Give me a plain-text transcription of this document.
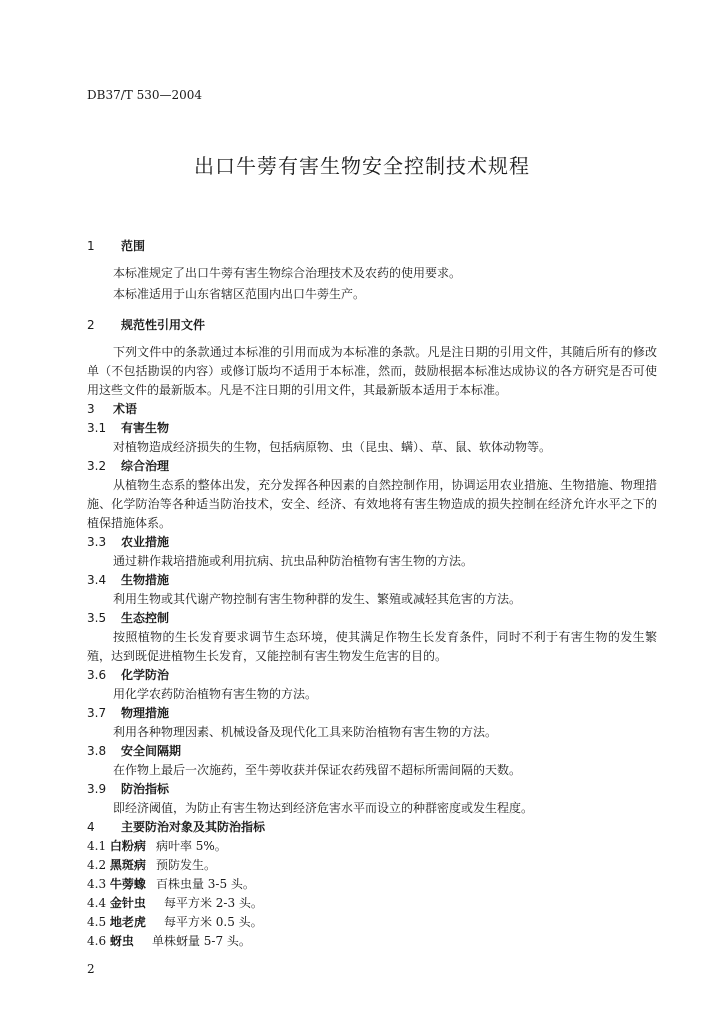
DB37/T 530—2004
出口牛蒡有害生物安全控制技术规程
1 范围
本标准规定了出口牛蒡有害生物综合治理技术及农药的使用要求。
本标准适用于山东省辖区范围内出口牛蒡生产。
2 规范性引用文件
下列文件中的条款通过本标准的引用而成为本标准的条款。凡是注日期的引用文件，其随后所有的修改单（不包括勘误的内容）或修订版均不适用于本标准，然而，鼓励根据本标准达成协议的各方研究是否可使用这些文件的最新版本。凡是不注日期的引用文件，其最新版本适用于本标准。
3 术语
3.1 有害生物
对植物造成经济损失的生物，包括病原物、虫（昆虫、螨）、草、鼠、软体动物等。
3.2 综合治理
从植物生态系的整体出发，充分发挥各种因素的自然控制作用，协调运用农业措施、生物措施、物理措施、化学防治等各种适当防治技术，安全、经济、有效地将有害生物造成的损失控制在经济允许水平之下的植保措施体系。
3.3 农业措施
通过耕作栽培措施或利用抗病、抗虫品种防治植物有害生物的方法。
3.4 生物措施
利用生物或其代谢产物控制有害生物种群的发生、繁殖或减轻其危害的方法。
3.5 生态控制
按照植物的生长发育要求调节生态环境，使其满足作物生长发育条件，同时不利于有害生物的发生繁殖，达到既促进植物生长发育，又能控制有害生物发生危害的目的。
3.6 化学防治
用化学农药防治植物有害生物的方法。
3.7 物理措施
利用各种物理因素、机械设备及现代化工具来防治植物有害生物的方法。
3.8 安全间隔期
在作物上最后一次施药，至牛蒡收获并保证农药残留不超标所需间隔的天数。
3.9 防治指标
即经济阈值，为防止有害生物达到经济危害水平而设立的种群密度或发生程度。
4 主要防治对象及其防治指标
4.1 白粉病 病叶率 5%。
4.2 黑斑病 预防发生。
4.3 牛蒡蟓 百株虫量 3-5 头。
4.4 金针虫 每平方米 2-3 头。
4.5 地老虎 每平方米 0.5 头。
4.6 蚜虫 单株蚜量 5-7 头。
2
